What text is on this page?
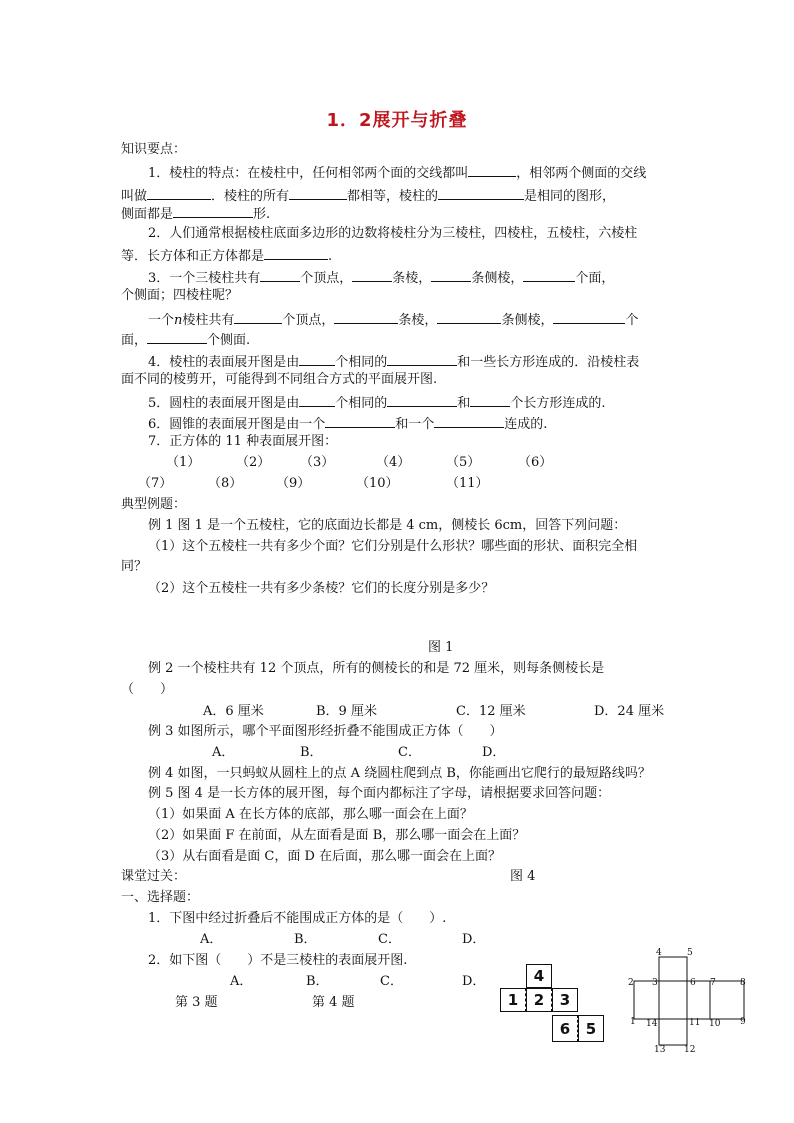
1．2展开与折叠
知识要点：
1．棱柱的特点：在棱柱中，任何相邻两个面的交线都叫	，相邻两个侧面的交线
叫做	．棱柱的所有	都相等，棱柱的	是相同的图形，
侧面都是	形.
2．人们通常根据棱柱底面多边形的边数将棱柱分为三棱柱，四棱柱，五棱柱，六棱柱
等．长方体和正方体都是	.
3．一个三棱柱共有	个顶点，	条棱，	条侧棱，	个面，
个侧面；四棱柱呢？
一个n棱柱共有	个顶点，	条棱，	条侧棱，	个
面，	个侧面.
4．棱柱的表面展开图是由	个相同的	和一些长方形连成的．沿棱柱表
面不同的棱剪开，可能得到不同组合方式的平面展开图.
5．圆柱的表面展开图是由	个相同的	和	个长方形连成的.
6．圆锥的表面展开图是由一个	和一个	连成的.
7．正方体的 11 种表面展开图：
（1）	（2） （3）	（4）	（5）	（6）
（7）	（8）	（9）	（10）	（11）
典型例题：
例 1 图 1 是一个五棱柱，它的底面边长都是 4 cm，侧棱长 6cm，回答下列问题：
（1）这个五棱柱一共有多少个面？它们分别是什么形状？哪些面的形状、面积完全相
同？
（2）这个五棱柱一共有多少条棱？它们的长度分别是多少？
图 1
例 2 一个棱柱共有 12 个顶点，所有的侧棱长的和是 72 厘米，则每条侧棱长是
（　　）
A．6 厘米	B．9 厘米	C．12 厘米	D．24 厘米
例 3 如图所示，哪个平面图形经折叠不能围成正方体（　　）
A．	B．	C．	D．
例 4 如图，一只蚂蚁从圆柱上的点 A 绕圆柱爬到点 B，你能画出它爬行的最短路线吗？
例 5 图 4 是一长方体的展开图，每个面内都标注了字母，请根据要求回答问题：
（1）如果面 A 在长方体的底部，那么哪一面会在上面？
（2）如果面 F 在前面，从左面看是面 B，那么哪一面会在上面？
（3）从右面看是面 C，面 D 在后面，那么哪一面会在上面？
课堂过关：	图 4
一、选择题：
1．下图中经过折叠后不能围成正方体的是（　　）.
A．	B．	C．	D．
2．如下图（　　）不是三棱柱的表面展开图.
A．	B．	C．	D．
第 3 题	第 4 题
4
1	2	3
6	5
4	5
2 3	6 7	8
1 14	11 10 9
13 12
